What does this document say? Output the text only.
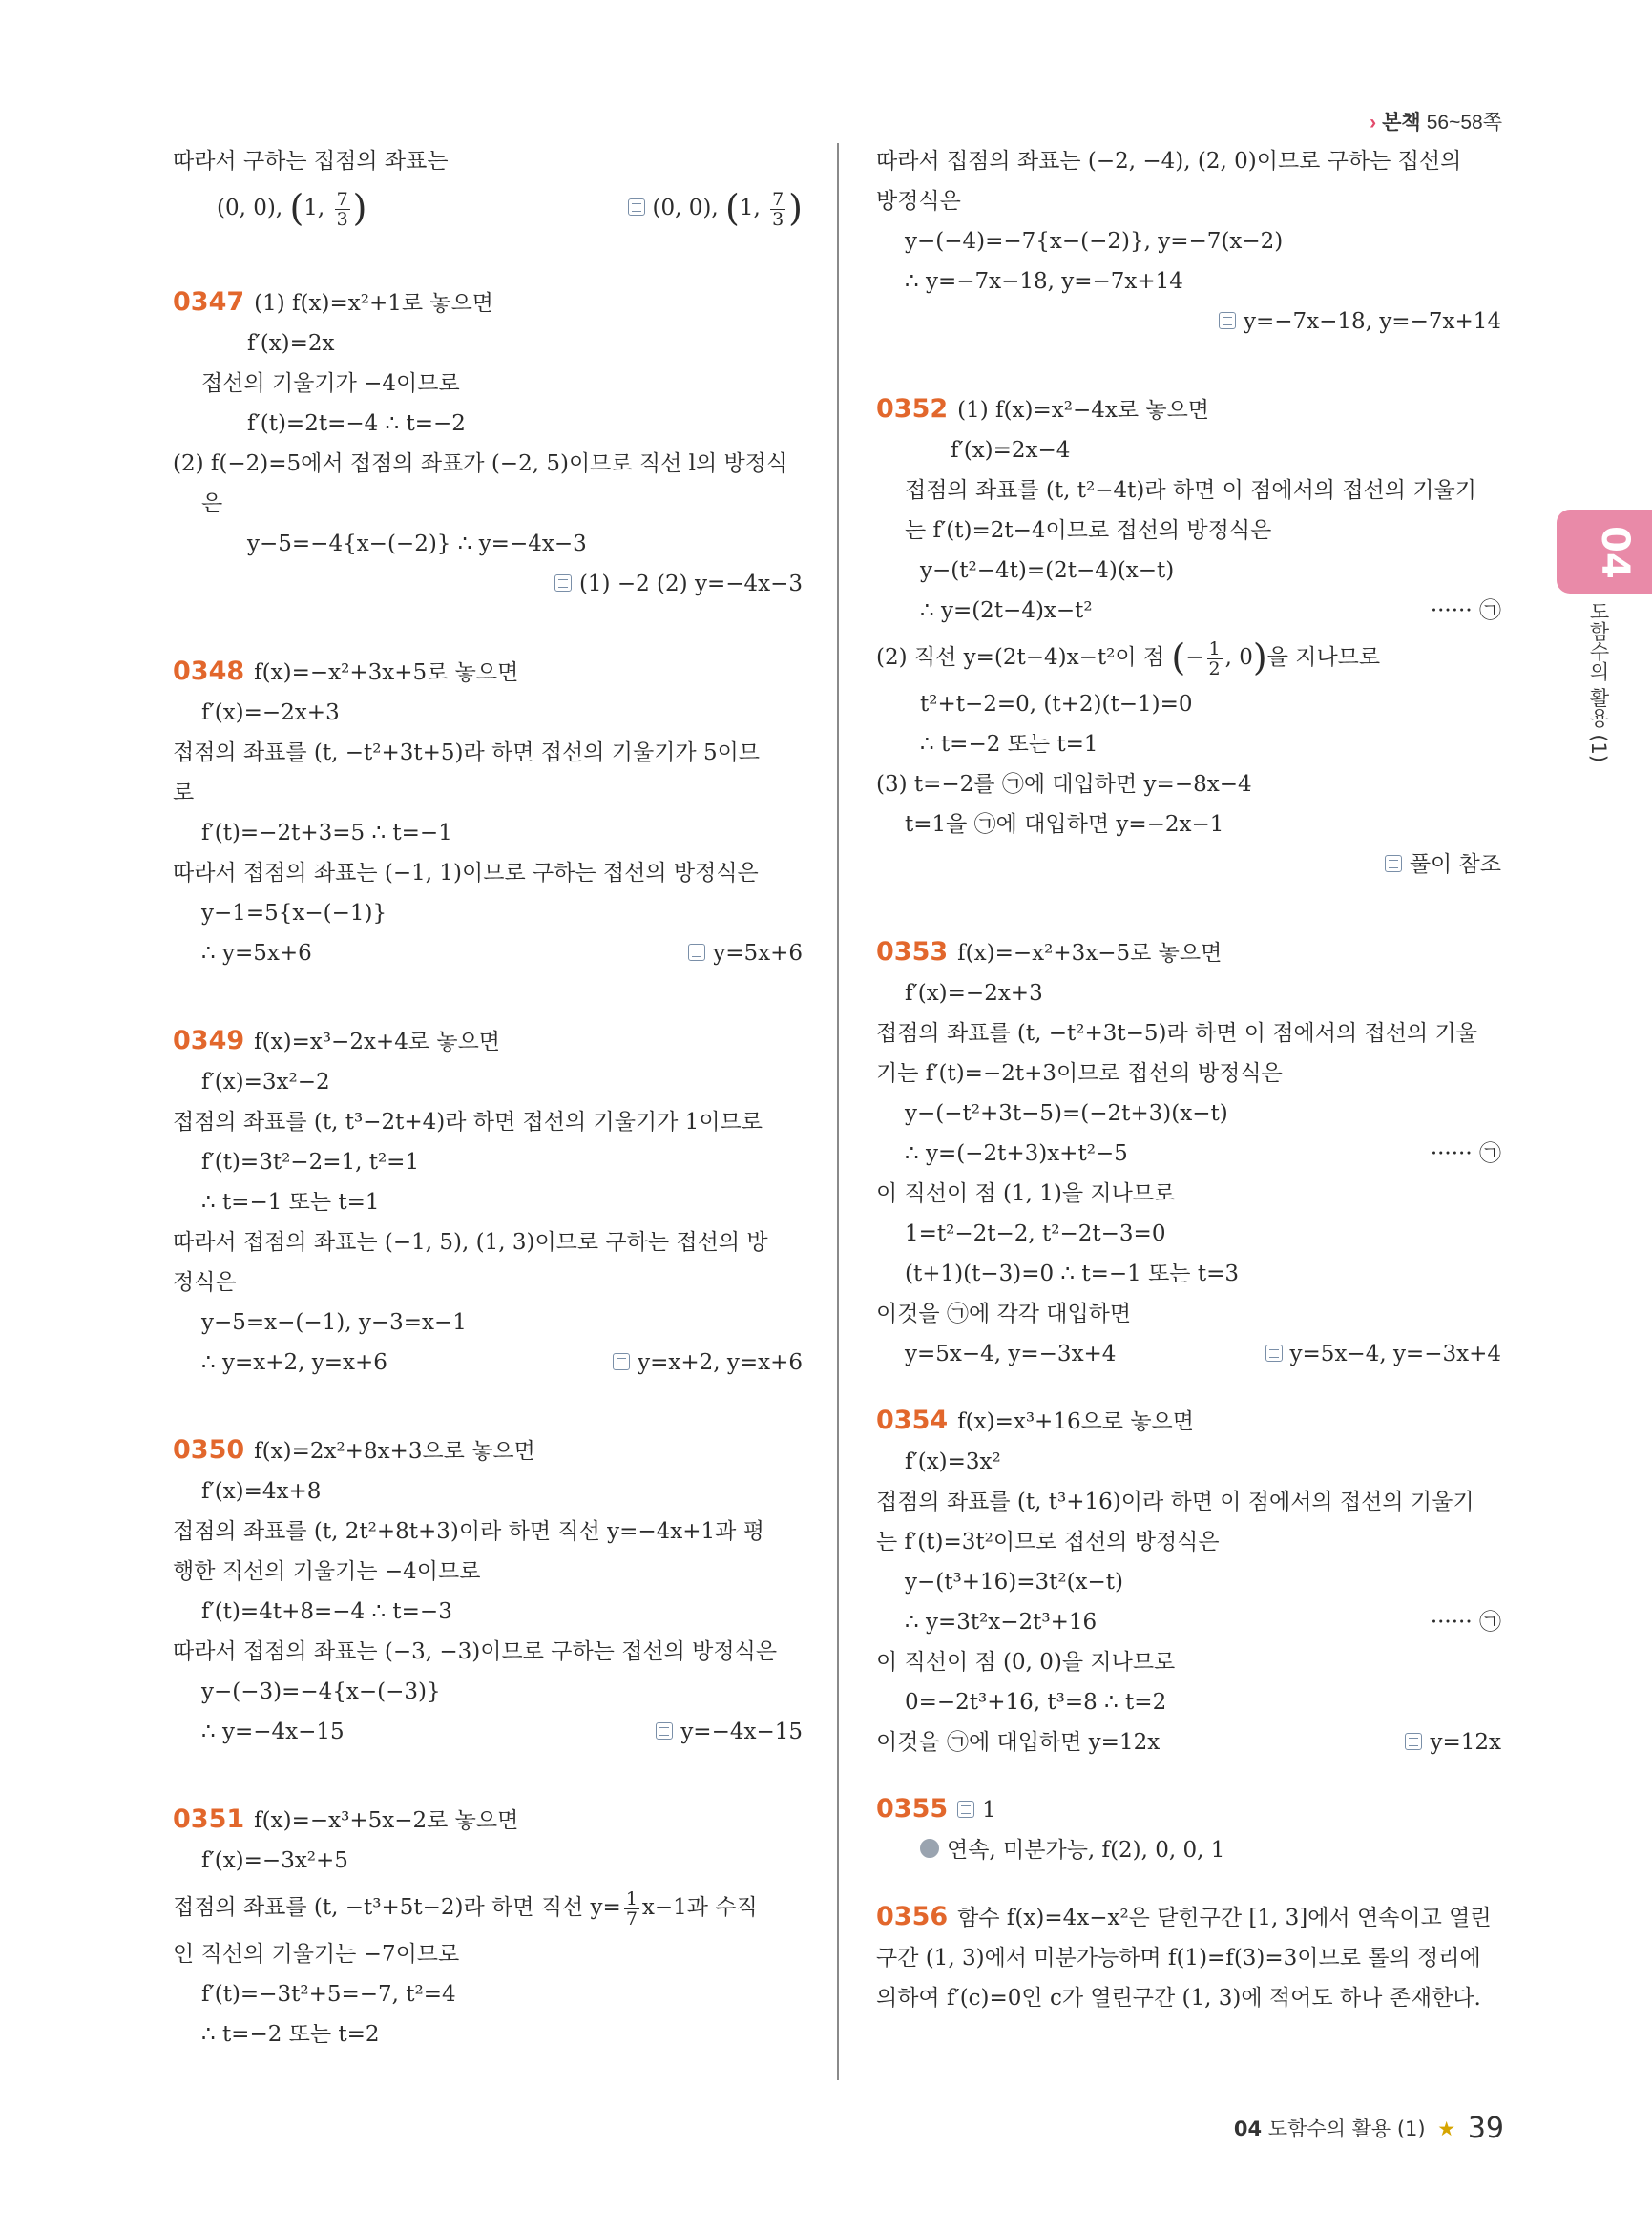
› 본책 56~58쪽
따라서 구하는 접점의 좌표는
(0, 0), (1, $\frac{7}{3}$ )	(0, 0), (1, $\frac{7}{3}$ )
0347 (1) f(x)=x²+1로 놓으면
f′(x)=2x
접선의 기울기가 −4이므로
f′(t)=2t=−4 ∴ t=−2
(2) f(−2)=5에서 접점의 좌표가 (−2, 5)이므로 직선 l의 방정식
은
y−5=−4{x−(−2)} ∴ y=−4x−3
(1) −2 (2) y=−4x−3
0348 f(x)=−x²+3x+5로 놓으면
f′(x)=−2x+3
접점의 좌표를 (t, −t²+3t+5)라 하면 접선의 기울기가 5이므
로
f′(t)=−2t+3=5 ∴ t=−1
따라서 접점의 좌표는 (−1, 1)이므로 구하는 접선의 방정식은
y−1=5{x−(−1)}
∴ y=5x+6	y=5x+6
0349 f(x)=x³−2x+4로 놓으면
f′(x)=3x²−2
접점의 좌표를 (t, t³−2t+4)라 하면 접선의 기울기가 1이므로
f′(t)=3t²−2=1, t²=1
∴ t=−1 또는 t=1
따라서 접점의 좌표는 (−1, 5), (1, 3)이므로 구하는 접선의 방
정식은
y−5=x−(−1), y−3=x−1
∴ y=x+2, y=x+6	y=x+2, y=x+6
0350 f(x)=2x²+8x+3으로 놓으면
f′(x)=4x+8
접점의 좌표를 (t, 2t²+8t+3)이라 하면 직선 y=−4x+1과 평
행한 직선의 기울기는 −4이므로
f′(t)=4t+8=−4 ∴ t=−3
따라서 접점의 좌표는 (−3, −3)이므로 구하는 접선의 방정식은
y−(−3)=−4{x−(−3)}
∴ y=−4x−15	y=−4x−15
0351 f(x)=−x³+5x−2로 놓으면
f′(x)=−3x²+5
접점의 좌표를 (t, −t³+5t−2)라 하면 직선 $y= \frac{1}{7} x-1$과 수직
인 직선의 기울기는 −7이므로
f′(t)=−3t²+5=−7, t²=4
∴ t=−2 또는 t=2
따라서 접점의 좌표는 (−2, −4), (2, 0)이므로 구하는 접선의
방정식은
y−(−4)=−7{x−(−2)}, y=−7(x−2)
∴ y=−7x−18, y=−7x+14
y=−7x−18, y=−7x+14
0352 (1) f(x)=x²−4x로 놓으면
f′(x)=2x−4
접점의 좌표를 (t, t²−4t)라 하면 이 점에서의 접선의 기울기
는 f′(t)=2t−4이므로 접선의 방정식은
y−(t²−4t)=(2t−4)(x−t)
∴ y=(2t−4)x−t²	······ ㉠
(2) 직선 y=(2t−4)x−t²이 점 (− $\frac{1}{2}$ , 0)을 지나므로
t²+t−2=0, (t+2)(t−1)=0
∴ t=−2 또는 t=1
(3) t=−2를 ㉠에 대입하면 y=−8x−4
t=1을 ㉠에 대입하면 y=−2x−1
풀이 참조
0353 f(x)=−x²+3x−5로 놓으면
f′(x)=−2x+3
접점의 좌표를 (t, −t²+3t−5)라 하면 이 점에서의 접선의 기울
기는 f′(t)=−2t+3이므로 접선의 방정식은
y−(−t²+3t−5)=(−2t+3)(x−t)
∴ y=(−2t+3)x+t²−5	······ ㉠
이 직선이 점 (1, 1)을 지나므로
1=t²−2t−2, t²−2t−3=0
(t+1)(t−3)=0 ∴ t=−1 또는 t=3
이것을 ㉠에 각각 대입하면
y=5x−4, y=−3x+4	y=5x−4, y=−3x+4
0354 f(x)=x³+16으로 놓으면
f′(x)=3x²
접점의 좌표를 (t, t³+16)이라 하면 이 점에서의 접선의 기울기
는 f′(t)=3t²이므로 접선의 방정식은
y−(t³+16)=3t²(x−t)
∴ y=3t²x−2t³+16	······ ㉠
이 직선이 점 (0, 0)을 지나므로
0=−2t³+16, t³=8 ∴ t=2
이것을 ㉠에 대입하면 y=12x	y=12x
0355 1
연속, 미분가능, f(2), 0, 0, 1
0356 함수 f(x)=4x−x²은 닫힌구간 [1, 3]에서 연속이고 열린구간 (1, 3)에서 미분가능하며 f(1)=f(3)=3이므로 롤의 정리에 의하여 f′(c)=0인 c가 열린구간 (1, 3)에 적어도 하나 존재한다.
04
도함수의 활용 (1)
04 도함수의 활용 (1) ★ 39
